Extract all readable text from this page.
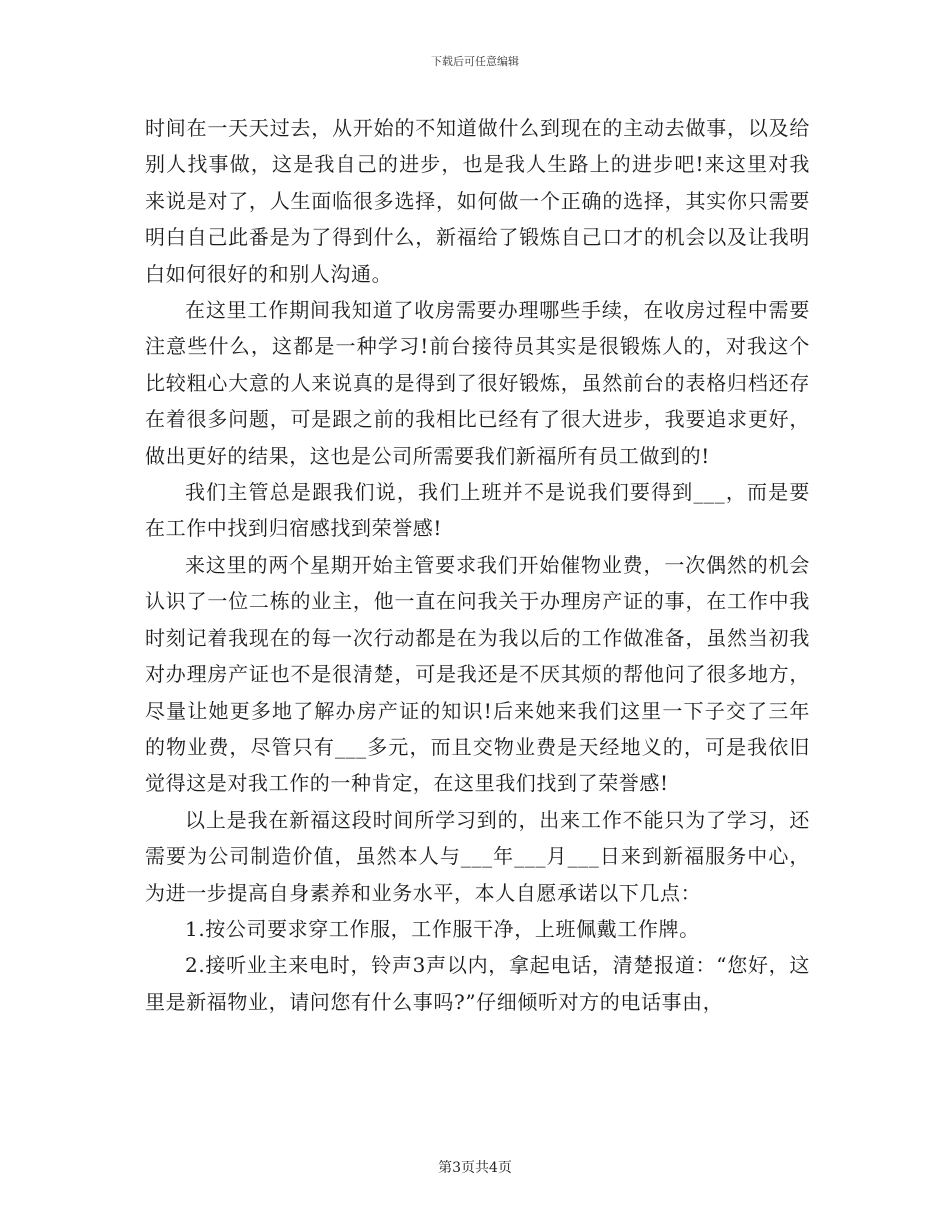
下载后可任意编辑

时间在一天天过去，从开始的不知道做什么到现在的主动去做事，以及给别人找事做，这是我自己的进步，也是我人生路上的进步吧!来这里对我来说是对了，人生面临很多选择，如何做一个正确的选择，其实你只需要明白自己此番是为了得到什么，新福给了锻炼自己口才的机会以及让我明白如何很好的和别人沟通。

在这里工作期间我知道了收房需要办理哪些手续，在收房过程中需要注意些什么，这都是一种学习!前台接待员其实是很锻炼人的，对我这个比较粗心大意的人来说真的是得到了很好锻炼，虽然前台的表格归档还存在着很多问题，可是跟之前的我相比已经有了很大进步，我要追求更好，做出更好的结果，这也是公司所需要我们新福所有员工做到的!

我们主管总是跟我们说，我们上班并不是说我们要得到___，而是要在工作中找到归宿感找到荣誉感!

来这里的两个星期开始主管要求我们开始催物业费，一次偶然的机会认识了一位二栋的业主，他一直在问我关于办理房产证的事，在工作中我时刻记着我现在的每一次行动都是在为我以后的工作做准备，虽然当初我对办理房产证也不是很清楚，可是我还是不厌其烦的帮他问了很多地方，尽量让她更多地了解办房产证的知识!后来她来我们这里一下子交了三年的物业费，尽管只有___多元，而且交物业费是天经地义的，可是我依旧觉得这是对我工作的一种肯定，在这里我们找到了荣誉感!

以上是我在新福这段时间所学习到的，出来工作不能只为了学习，还需要为公司制造价值，虽然本人与___年___月___日来到新福服务中心，为进一步提高自身素养和业务水平，本人自愿承诺以下几点：

1.按公司要求穿工作服，工作服干净，上班佩戴工作牌。

2.接听业主来电时，铃声3声以内，拿起电话，清楚报道：“您好，这里是新福物业，请问您有什么事吗?”仔细倾听对方的电话事由，

第3页共4页
